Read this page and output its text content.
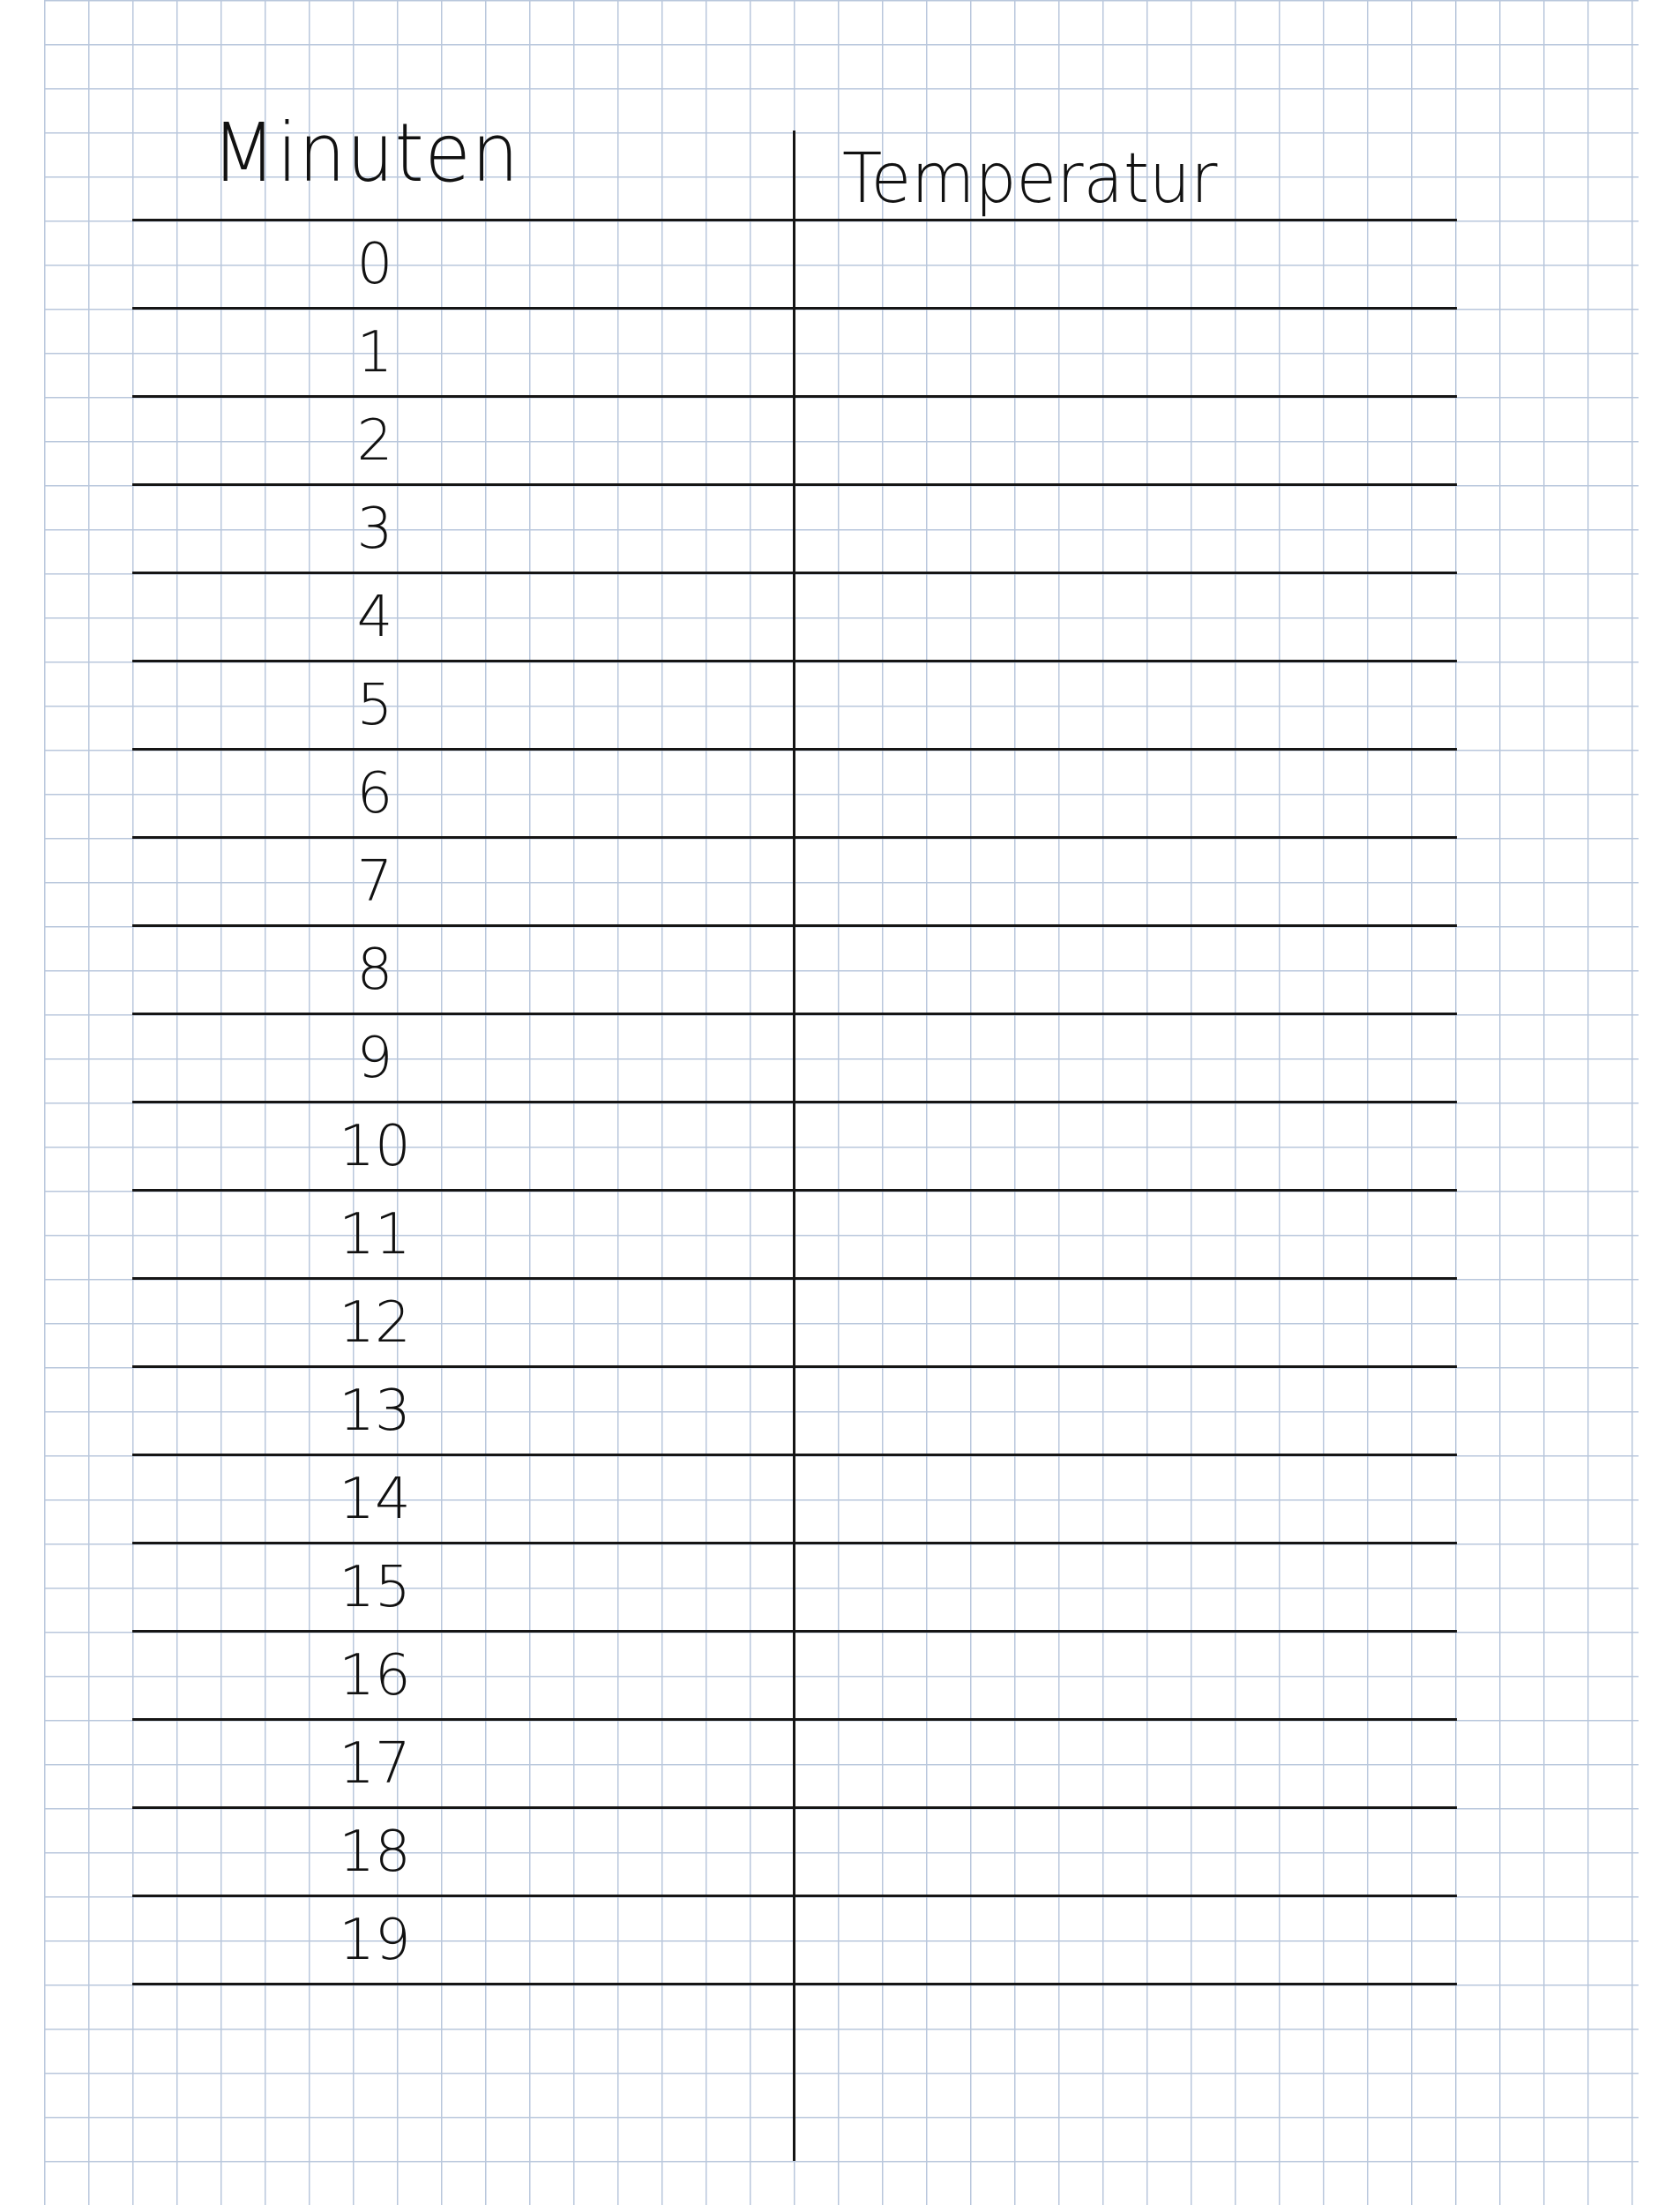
Minuten	Temperatur
0
1
2
3
4
5
6
7
8
9
10
11
12
13
14
15
16
17
18
19
